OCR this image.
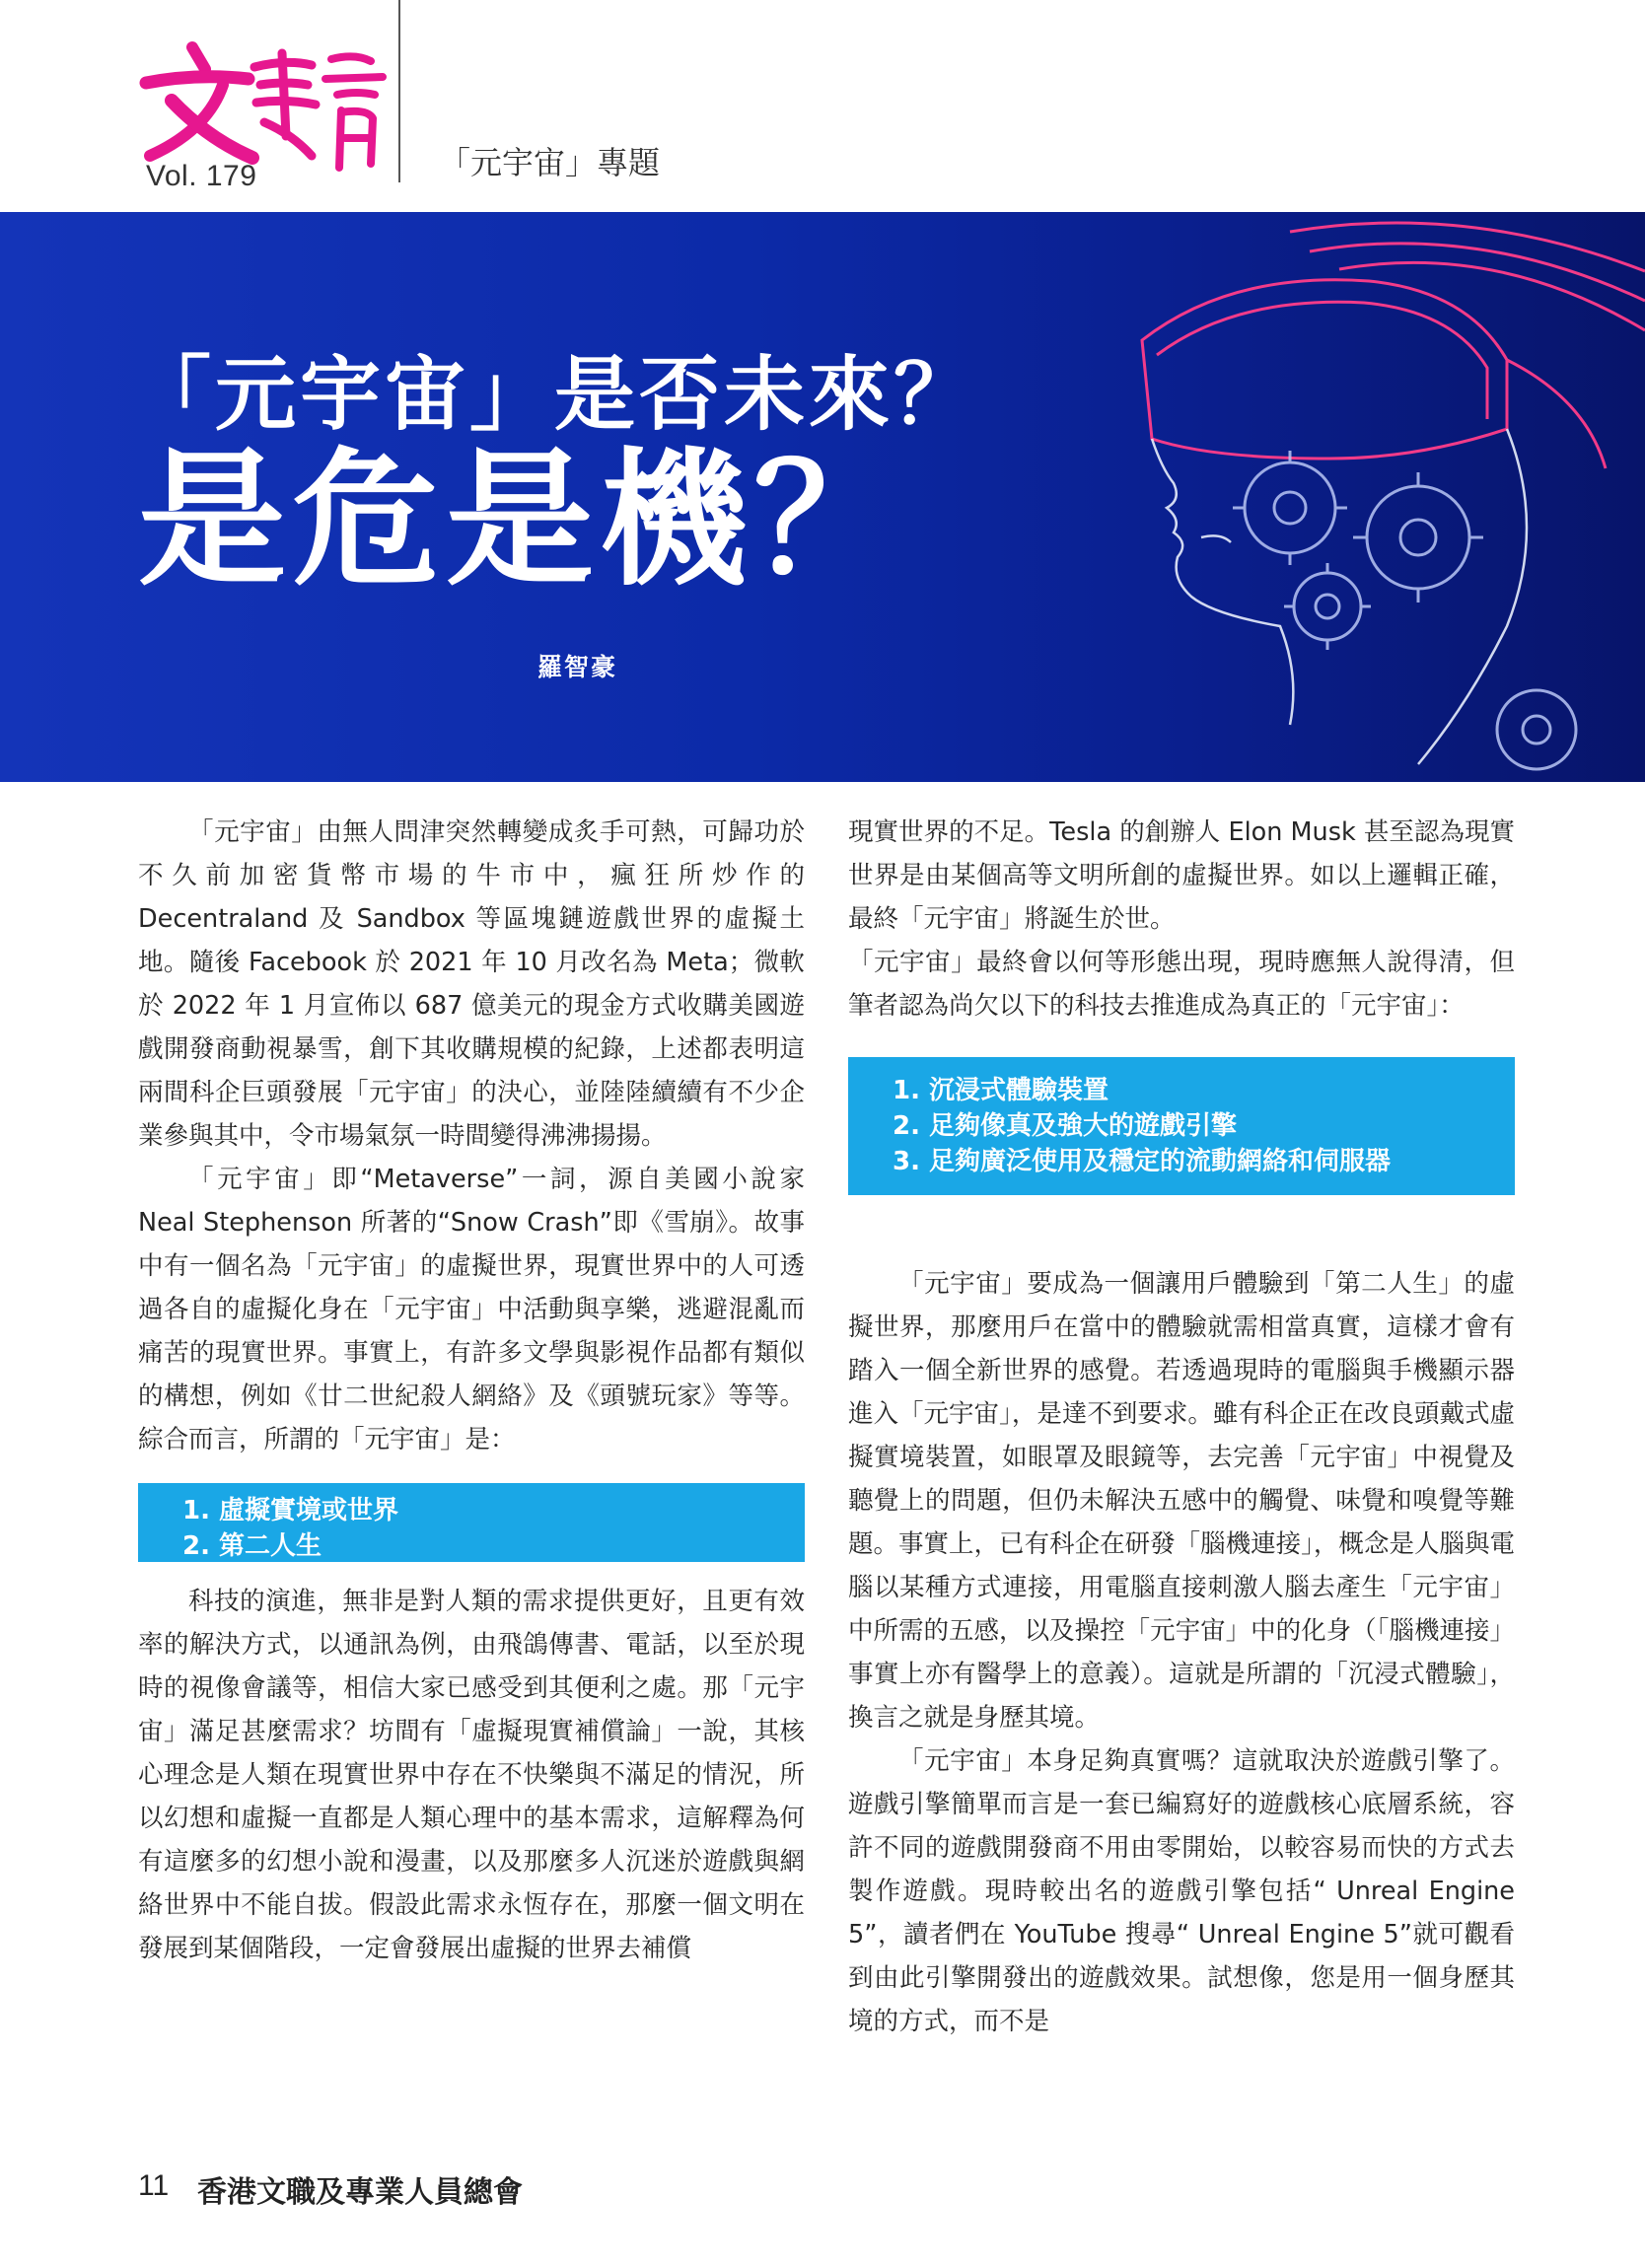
Vol. 179	「元宇宙」專題
「元宇宙」是否未來？
是危是機？
羅智豪

「元宇宙」由無人問津突然轉變成炙手可熱，可歸功於不久前加密貨幣市場的牛市中，瘋狂所炒作的 Decentraland 及 Sandbox 等區塊鏈遊戲世界的虛擬土地。隨後 Facebook 於 2021 年 10 月改名為 Meta；微軟於 2022 年 1 月宣佈以 687 億美元的現金方式收購美國遊戲開發商動視暴雪，創下其收購規模的紀錄，上述都表明這兩間科企巨頭發展「元宇宙」的決心，並陸陸續續有不少企業參與其中，令市場氣氛一時間變得沸沸揚揚。

「元宇宙」即“Metaverse”一詞，源自美國小說家 Neal Stephenson 所著的“Snow Crash”即《雪崩》。故事中有一個名為「元宇宙」的虛擬世界，現實世界中的人可透過各自的虛擬化身在「元宇宙」中活動與享樂，逃避混亂而痛苦的現實世界。事實上，有許多文學與影視作品都有類似的構想，例如《廿二世紀殺人網絡》及《頭號玩家》等等。綜合而言，所謂的「元宇宙」是：

1. 虛擬實境或世界
2. 第二人生

科技的演進，無非是對人類的需求提供更好，且更有效率的解決方式，以通訊為例，由飛鴿傳書、電話，以至於現時的視像會議等，相信大家已感受到其便利之處。那「元宇宙」滿足甚麼需求？坊間有「虛擬現實補償論」一說，其核心理念是人類在現實世界中存在不快樂與不滿足的情況，所以幻想和虛擬一直都是人類心理中的基本需求，這解釋為何有這麼多的幻想小說和漫畫，以及那麼多人沉迷於遊戲與網絡世界中不能自拔。假設此需求永恆存在，那麼一個文明在發展到某個階段，一定會發展出虛擬的世界去補償

現實世界的不足。Tesla 的創辦人 Elon Musk 甚至認為現實世界是由某個高等文明所創的虛擬世界。如以上邏輯正確，最終「元宇宙」將誕生於世。

「元宇宙」最終會以何等形態出現，現時應無人說得清，但筆者認為尚欠以下的科技去推進成為真正的「元宇宙」：

1. 沉浸式體驗裝置
2. 足夠像真及強大的遊戲引擎
3. 足夠廣泛使用及穩定的流動網絡和伺服器

「元宇宙」要成為一個讓用戶體驗到「第二人生」的虛擬世界，那麼用戶在當中的體驗就需相當真實，這樣才會有踏入一個全新世界的感覺。若透過現時的電腦與手機顯示器進入「元宇宙」，是達不到要求。雖有科企正在改良頭戴式虛擬實境裝置，如眼罩及眼鏡等，去完善「元宇宙」中視覺及聽覺上的問題，但仍未解決五感中的觸覺、味覺和嗅覺等難題。事實上，已有科企在研發「腦機連接」，概念是人腦與電腦以某種方式連接，用電腦直接刺激人腦去產生「元宇宙」中所需的五感，以及操控「元宇宙」中的化身（「腦機連接」事實上亦有醫學上的意義）。這就是所謂的「沉浸式體驗」，換言之就是身歷其境。

「元宇宙」本身足夠真實嗎？這就取決於遊戲引擎了。遊戲引擎簡單而言是一套已編寫好的遊戲核心底層系統，容許不同的遊戲開發商不用由零開始，以較容易而快的方式去製作遊戲。現時較出名的遊戲引擎包括“ Unreal Engine 5”，讀者們在 YouTube 搜尋“ Unreal Engine 5”就可觀看到由此引擎開發出的遊戲效果。試想像，您是用一個身歷其境的方式，而不是

11 香港文職及專業人員總會
